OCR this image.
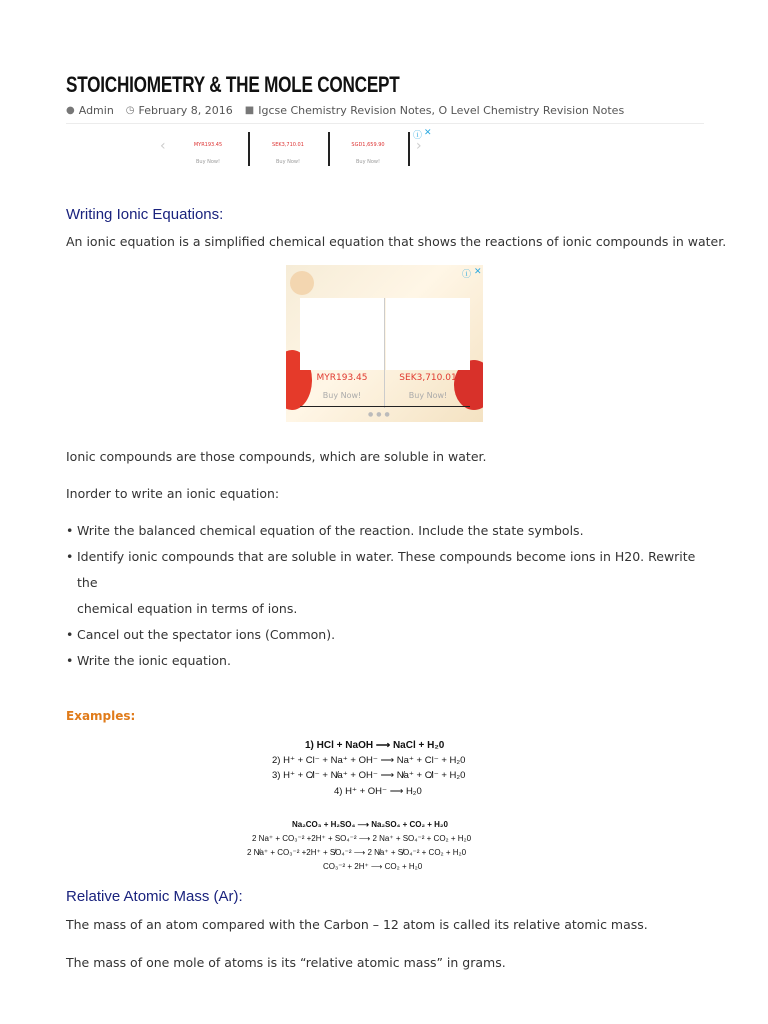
STOICHIOMETRY & THE MOLE CONCEPT
● Admin ◷ February 8, 2016 ■ Igcse Chemistry Revision Notes, O Level Chemistry Revision Notes
‹	MYR193.45
Buy Now!
SEK3,710.01
Buy Now!
SGD1,659.90
Buy Now!
›
ⓘ ✕
Writing Ionic Equations:

An ionic equation is a simplified chemical equation that shows the reactions of ionic compounds in water.

MYR193.45	SEK3,710.01
Buy Now!	Buy Now!
●●●
ⓘ ✕

Ionic compounds are those compounds, which are soluble in water.

Inorder to write an ionic equation:

• Write the balanced chemical equation of the reaction. Include the state symbols.
• Identify ionic compounds that are soluble in water. These compounds become ions in H20. Rewrite the
chemical equation in terms of ions.
• Cancel out the spectator ions (Common).
• Write the ionic equation.
Examples:
1) HCl + NaOH ⟶ NaCl + H₂0
2) H⁺ + Cl⁻ + Na⁺ + OH⁻ ⟶ Na⁺ + Cl⁻ + H₂0
3) H⁺ + C̸l⁻ + N̸a⁺ + OH⁻ ⟶ N̸a⁺ + C̸l⁻ + H₂0
4) H⁺ + OH⁻ ⟶ H₂0
Na₂CO₃ + H₂SO₄ ⟶ Na₂SO₄ + CO₂ + H₂0
2 Na⁺ + CO₃⁻² +2H⁺ + SO₄⁻² ⟶ 2 Na⁺ + SO₄⁻² + CO₂ + H₂0
2 N̸a⁺ + CO₃⁻² +2H⁺ + S̸O₄⁻² ⟶ 2 N̸a⁺ + S̸O₄⁻² + CO₂ + H₂0
CO₃⁻² + 2H⁺ ⟶ CO₂ + H₂0
Relative Atomic Mass (Ar):

The mass of an atom compared with the Carbon – 12 atom is called its relative atomic mass.

The mass of one mole of atoms is its “relative atomic mass” in grams.
